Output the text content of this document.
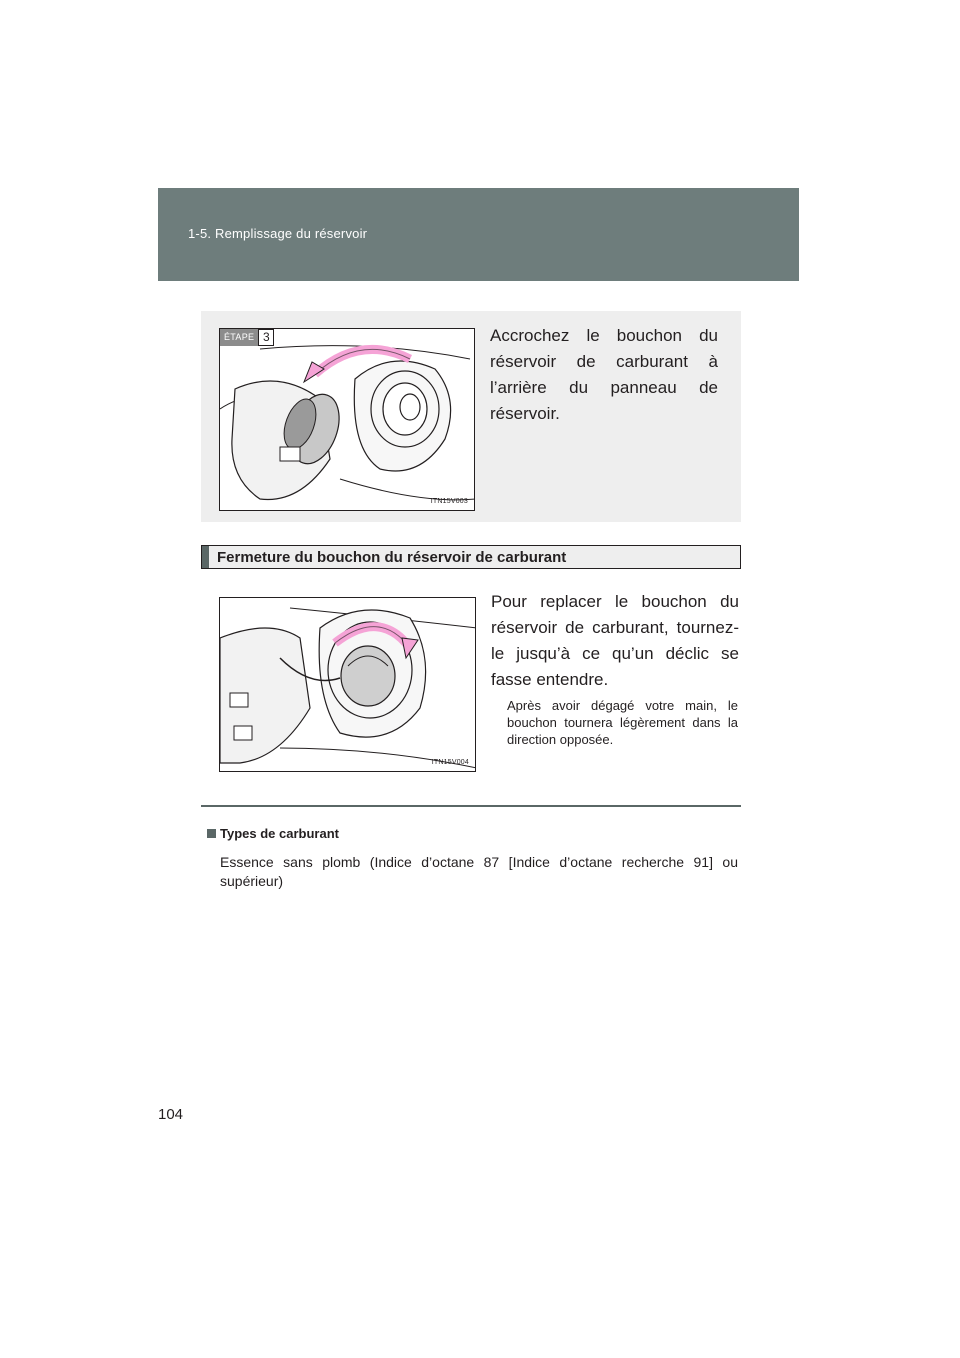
1-5. Remplissage du réservoir
ÉTAPE 3
ITN15V003
Accrochez le bouchon du réservoir de carburant à l’arrière du panneau de réservoir.
Fermeture du bouchon du réservoir de carburant
ITN15V004
Pour replacer le bouchon du réservoir de carburant, tournez-le jusqu’à ce qu’un déclic se fasse entendre.
Après avoir dégagé votre main, le bouchon tournera légèrement dans la direction opposée.
Types de carburant
Essence sans plomb (Indice d’octane 87 [Indice d’octane recherche 91] ou supérieur)
104
